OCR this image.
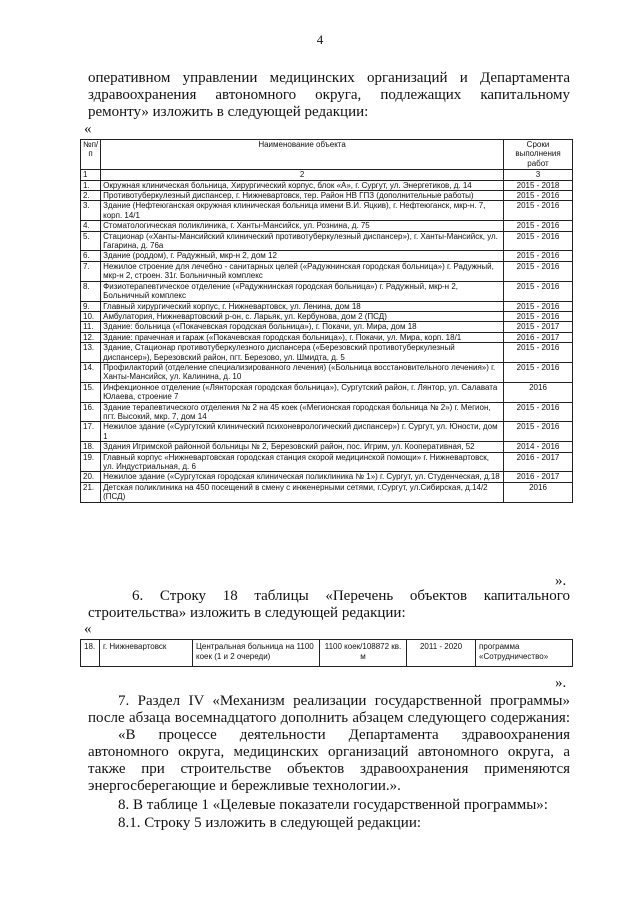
4
оперативном управлении медицинских организаций и Департамента
здравоохранения автономного округа, подлежащих капитальному
ремонту» изложить в следующей редакции:
«
№п/ п	Наименование объекта	Сроки выполнения работ
1	2	3
1.	Окружная клиническая больница, Хирургический корпус, блок «А», г. Сургут, ул. Энергетиков, д. 14	2015 - 2018
2.	Противотуберкулезный диспансер, г. Нижневартовск, тер. Район НВ ГПЗ (дополнительные работы)	2015 - 2016
3.	Здание (Нефтеюганская окружная клиническая больница имени В.И. Яцкив), г. Нефтеюганск, мкр-н. 7, корп. 14/1	2015 - 2016
4.	Стоматологическая поликлиника, г. Ханты-Мансийск, ул. Рознина, д. 75	2015 - 2016
5.	Стационар («Ханты-Мансийский клинический противотуберкулезный диспансер»), г. Ханты-Мансийск, ул. Гагарина, д. 76а	2015 - 2016
6.	Здание (роддом), г. Радужный, мкр-н 2, дом 12	2015 - 2016
7.	Нежилое строение для лечебно - санитарных целей («Радужнинская городская больница») г. Радужный, мкр-н 2, строен. 31г. Больничный комплекс	2015 - 2016
8.	Физиотерапевтическое отделение («Радужнинская городская больница») г. Радужный, мкр-н 2, Больничный комплекс	2015 - 2016
9.	Главный хирургический корпус, г. Нижневартовск, ул. Ленина, дом 18	2015 - 2016
10.	Амбулатория, Нижневартовский р-он, с. Ларьяк, ул. Кербунова, дом 2 (ПСД)	2015 - 2016
11.	Здание: больница («Покачевская городская больница»), г. Покачи, ул. Мира, дом 18	2015 - 2017
12.	Здание: прачечная и гараж («Покачевская городская больница»), г. Покачи, ул. Мира, корп. 18/1	2016 - 2017
13.	Здание, Стационар противотуберкулезного диспансера («Березовский противотуберкулезный диспансер»), Березовский район, пгт. Березово, ул. Шмидта, д. 5	2015 - 2016
14.	Профилакторий (отделение специализированного лечения) («Больница восстановительного лечения») г. Ханты-Мансийск, ул. Калинина, д. 10	2015 - 2016
15.	Инфекционное отделение («Лянторская городская больница»), Сургутский район, г. Лянтор, ул. Салавата Юлаева, строение 7	2016
16.	Здание терапевтического отделения № 2 на 45 коек («Мегионская городская больница № 2») г. Мегион, пгт. Высокий, мкр. 7, дом 14	2015 - 2016
17.	Нежилое здание («Сургутский клинический психоневрологический диспансер») г. Сургут, ул. Юности, дом 1	2015 - 2016
18.	Здания Игримской районной больницы № 2, Березовский район, пос. Игрим, ул. Кооперативная, 52	2014 - 2016
19.	Главный корпус «Нижневартовская городская станция скорой медицинской помощи» г. Нижневартовск, ул. Индустриальная, д. 6	2016 - 2017
20.	Нежилое здание («Сургутская городская клиническая поликлиника № 1») г. Сургут, ул. Студенческая, д.18	2016 - 2017
21.	Детская поликлиника на 450 посещений в смену с инженерными сетями, г.Сургут, ул.Сибирская, д.14/2 (ПСД)	2016
».
6. Строку 18 таблицы «Перечень объектов капитального
строительства» изложить в следующей редакции:
«
18.	г. Нижневартовск	Центральная больница на 1100 коек (1 и 2 очереди)	1100 коек/108872 кв. м	2011 - 2020	программа «Сотрудничество»
».
7. Раздел IV «Механизм реализации государственной программы»
после абзаца восемнадцатого дополнить абзацем следующего содержания:
«В процессе деятельности Департамента здравоохранения
автономного округа, медицинских организаций автономного округа, а
также при строительстве объектов здравоохранения применяются
энергосберегающие и бережливые технологии.».
8. В таблице 1 «Целевые показатели государственной программы»:
8.1. Строку 5 изложить в следующей редакции:
